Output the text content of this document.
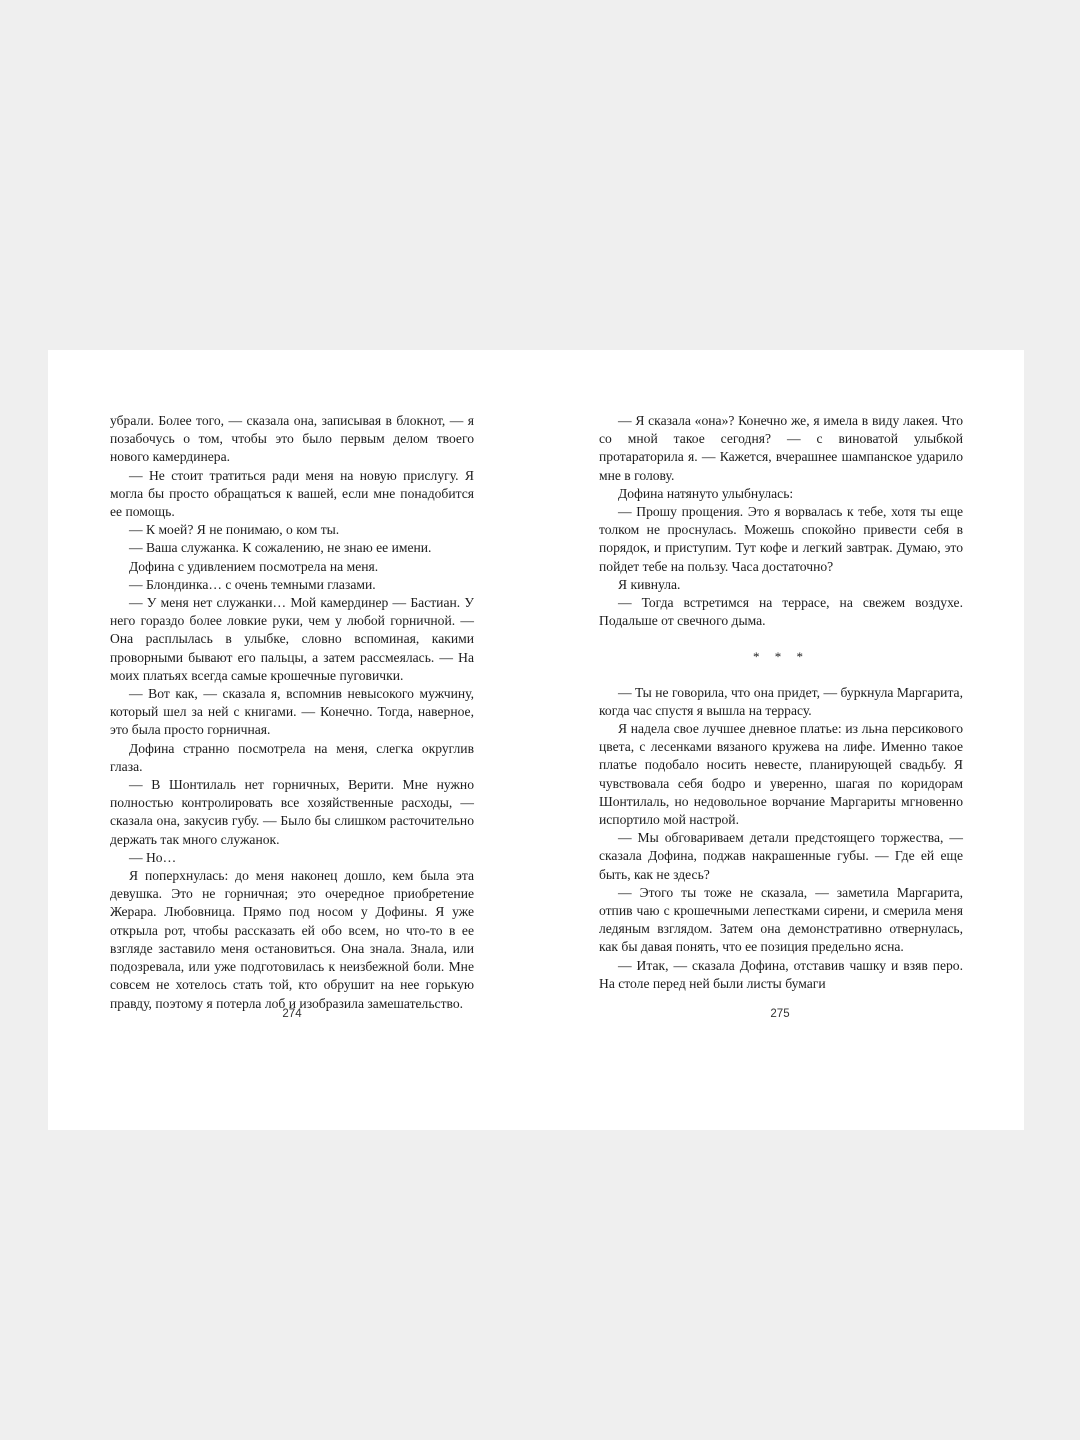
убрали. Более того, — сказала она, записывая в блокнот, — я позабочусь о том, чтобы это было первым делом твоего нового камердинера.

— Не стоит тратиться ради меня на новую прислугу. Я могла бы просто обращаться к вашей, если мне понадобится ее помощь.

— К моей? Я не понимаю, о ком ты.

— Ваша служанка. К сожалению, не знаю ее имени.

Дофина с удивлением посмотрела на меня.

— Блондинка… с очень темными глазами.

— У меня нет служанки… Мой камердинер — Бастиан. У него гораздо более ловкие руки, чем у любой горничной. — Она расплылась в улыбке, словно вспоминая, какими проворными бывают его пальцы, а затем рассмеялась. — На моих платьях всегда самые крошечные пуговички.

— Вот как, — сказала я, вспомнив невысокого мужчину, который шел за ней с книгами. — Конечно. Тогда, наверное, это была просто горничная.

Дофина странно посмотрела на меня, слегка округлив глаза.

— В Шонтилаль нет горничных, Верити. Мне нужно полностью контролировать все хозяйственные расходы, — сказала она, закусив губу. — Было бы слишком расточительно держать так много служанок.

— Но…

Я поперхнулась: до меня наконец дошло, кем была эта девушка. Это не горничная; это очередное приобретение Жерара. Любовница. Прямо под носом у Дофины. Я уже открыла рот, чтобы рассказать ей обо всем, но что-то в ее взгляде заставило меня остановиться. Она знала. Знала, или подозревала, или уже подготовилась к неизбежной боли. Мне совсем не хотелось стать той, кто обрушит на нее горькую правду, поэтому я потерла лоб и изобразила замешательство.

274

— Я сказала «она»? Конечно же, я имела в виду лакея. Что со мной такое сегодня? — с виноватой улыбкой протараторила я. — Кажется, вчерашнее шампанское ударило мне в голову.

Дофина натянуто улыбнулась:

— Прошу прощения. Это я ворвалась к тебе, хотя ты еще толком не проснулась. Можешь спокойно привести себя в порядок, и приступим. Тут кофе и легкий завтрак. Думаю, это пойдет тебе на пользу. Часа достаточно?

Я кивнула.

— Тогда встретимся на террасе, на свежем воздухе. Подальше от свечного дыма.

* * *

— Ты не говорила, что она придет, — буркнула Маргарита, когда час спустя я вышла на террасу.

Я надела свое лучшее дневное платье: из льна персикового цвета, с лесенками вязаного кружева на лифе. Именно такое платье подобало носить невесте, планирующей свадьбу. Я чувствовала себя бодро и уверенно, шагая по коридорам Шонтилаль, но недовольное ворчание Маргариты мгновенно испортило мой настрой.

— Мы обговариваем детали предстоящего торжества, — сказала Дофина, поджав накрашенные губы. — Где ей еще быть, как не здесь?

— Этого ты тоже не сказала, — заметила Маргарита, отпив чаю с крошечными лепестками сирени, и смерила меня ледяным взглядом. Затем она демонстративно отвернулась, как бы давая понять, что ее позиция предельно ясна.

— Итак, — сказала Дофина, отставив чашку и взяв перо. На столе перед ней были листы бумаги

275
